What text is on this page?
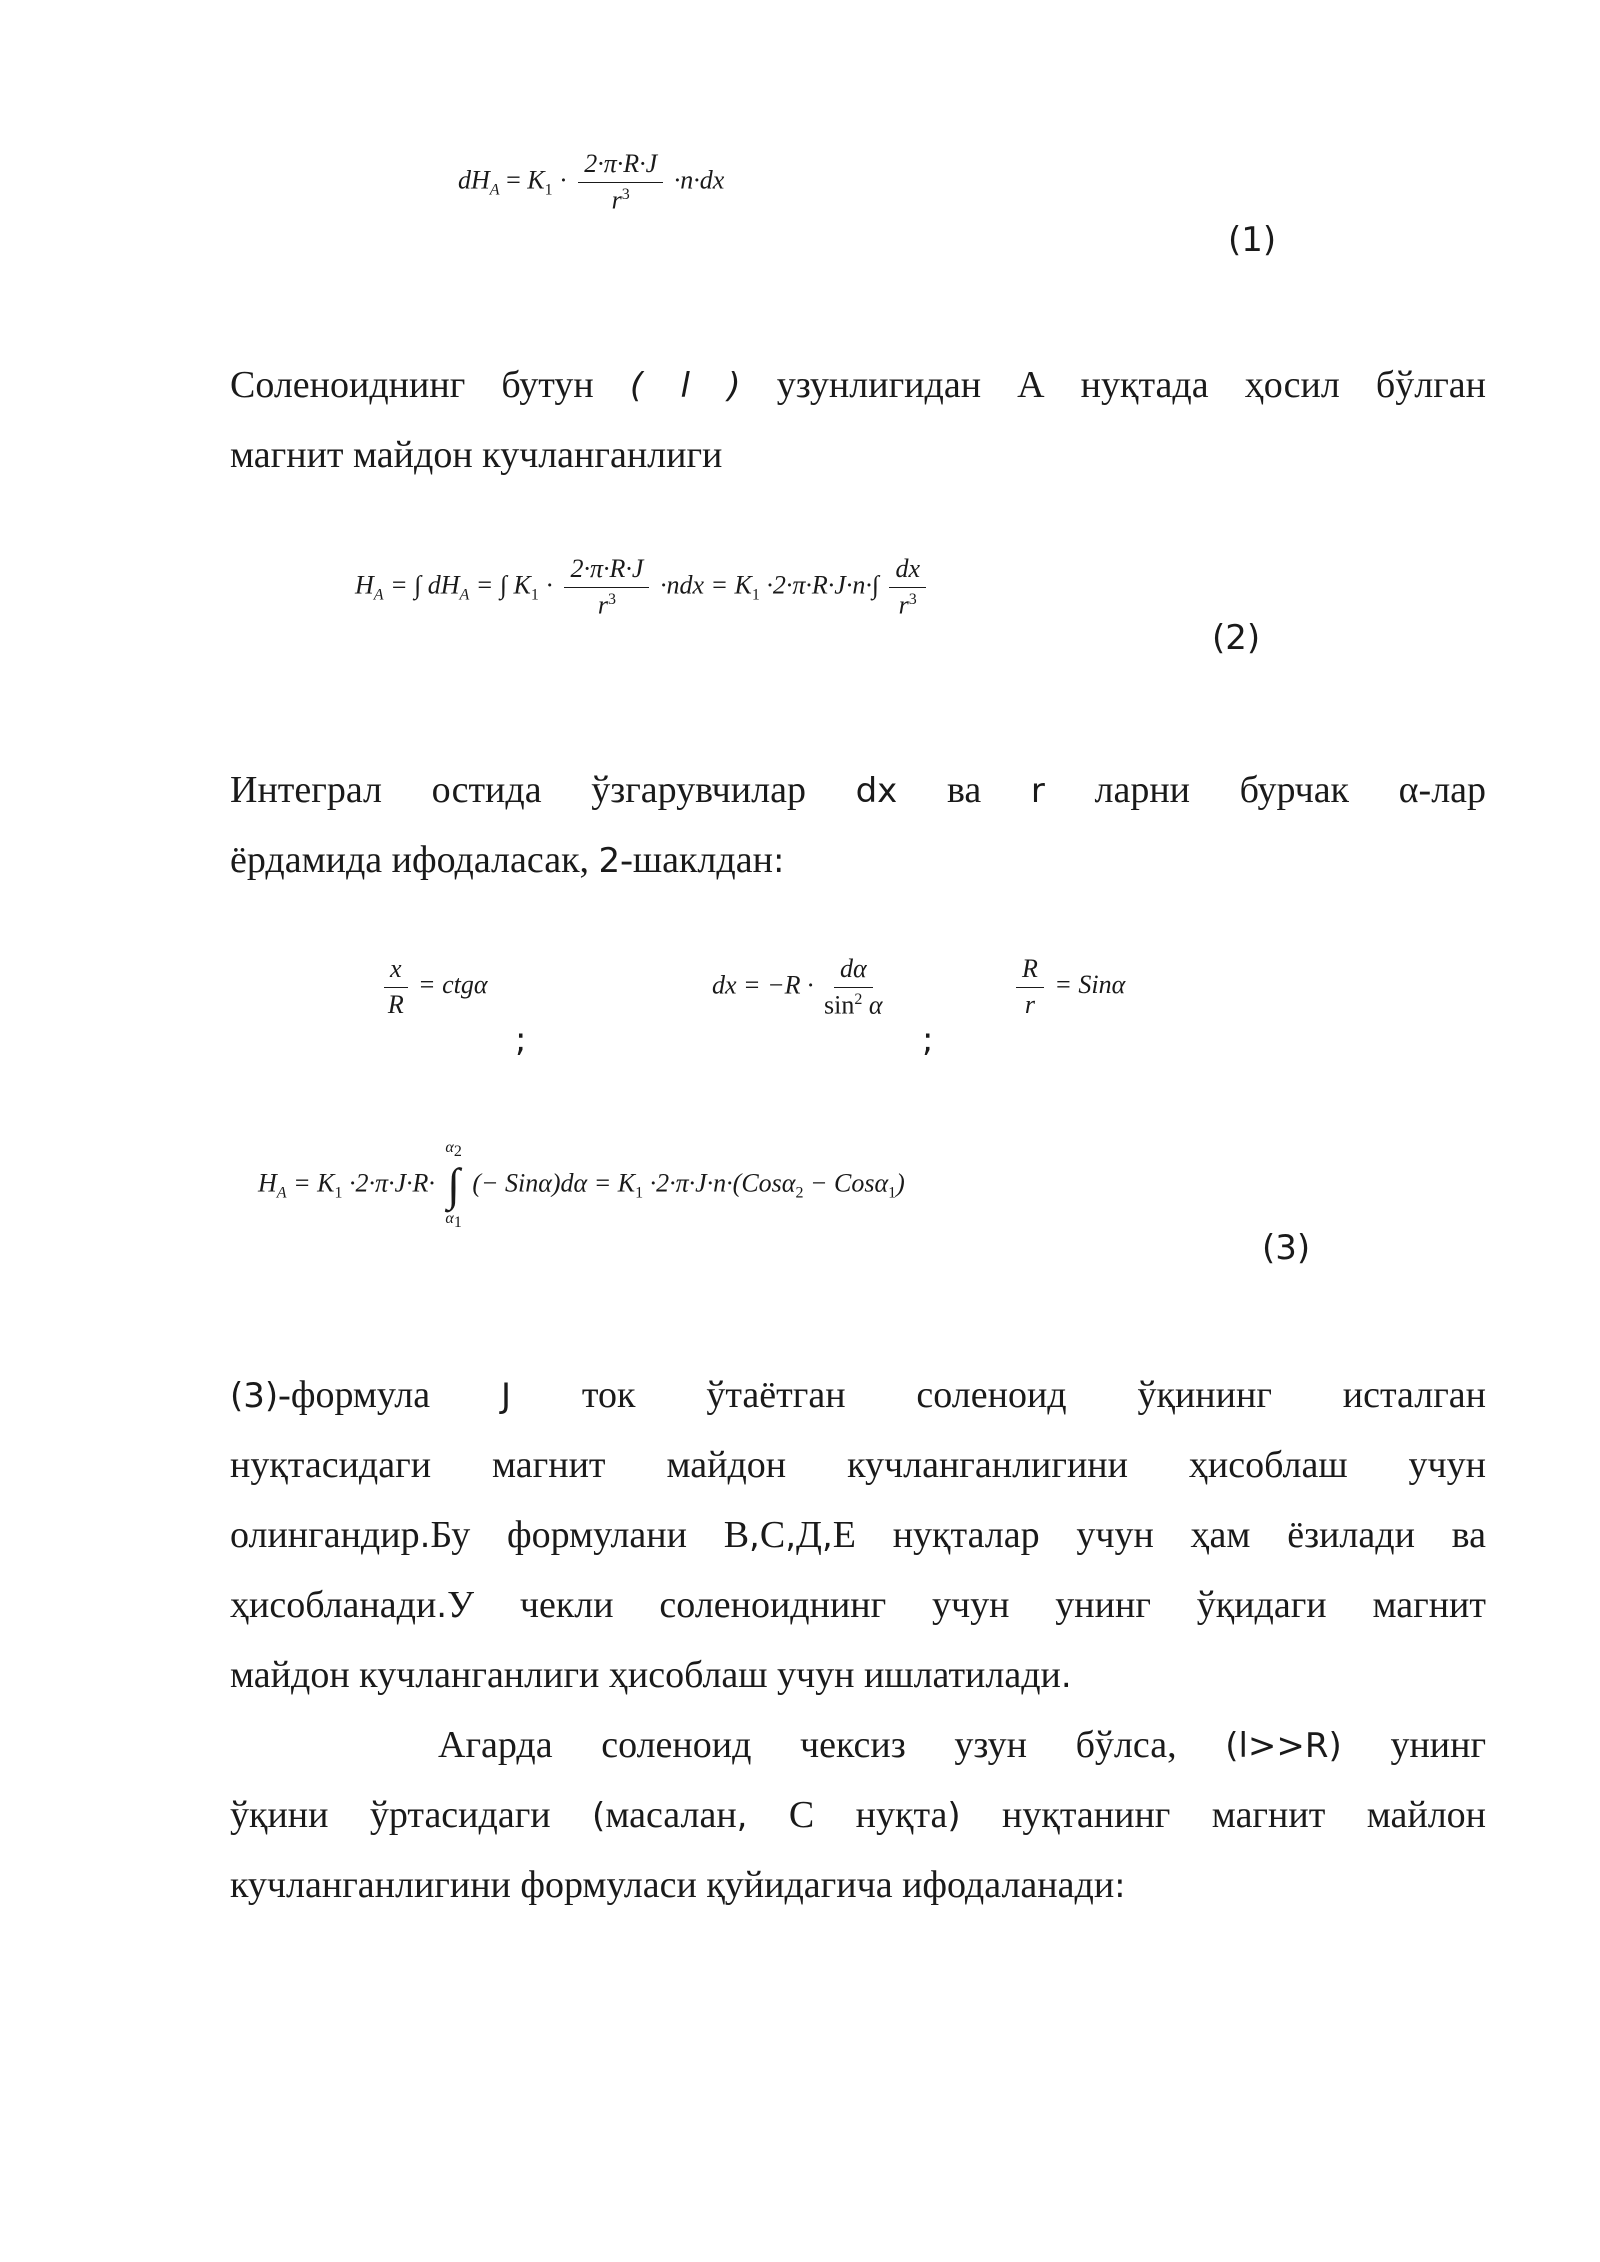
$dH_A = K_1 \cdot \frac{2\cdot\pi\cdot R\cdot J}{r^3} \cdot n\cdot dx$
(1)
Соленоиднинг бутун ( l ) узунлигидан А нуқтада ҳосил бўлган
магнит майдон кучланганлиги
$H_A$ = ∫ $dH_A$ = ∫ $K_1 \cdot \frac{2\cdot\pi\cdot R\cdot J}{r^3} \cdot ndx = K_1 \cdot 2\cdot\pi\cdot R\cdot J\cdot n\cdot\int \frac{dx}{r^3}$
(2)
Интеграл остида ўзгарувчилар dx ва r ларни бурчак α-лар
ёрдамида ифодаласак, 2-шаклдан:
$\frac{x}{R} = ctg\alpha$
;
dx = $-R \cdot \frac{d\alpha}{\sin^2 \alpha}$
;
$\frac{R}{r} = Sin\alpha$
$H_A = K_1 \cdot 2\cdot\pi\cdot J\cdot R\cdot$
$\alpha_2$
∫
$\alpha_1$
(− $Sin\alpha)d\alpha = K_1 \cdot 2\cdot\pi\cdot J\cdot n\cdot(Cos\alpha_2 - Cos\alpha_1)$
(3)
(3)-формула J ток ўтаётган соленоид ўқининг исталган
нуқтасидаги магнит майдон кучланганлигини ҳисоблаш учун
олингандир.Бу формулани В,С,Д,Е нуқталар учун ҳам ёзилади ва
ҳисобланади.У чекли соленоиднинг учун унинг ўқидаги магнит
майдон кучланганлиги ҳисоблаш учун ишлатилади.
Агарда соленоид чексиз узун бўлса, (l>>R) унинг
ўқини ўртасидаги (масалан, С нуқта) нуқтанинг магнит майлон
кучланганлигини формуласи қуйидагича ифодаланади:
